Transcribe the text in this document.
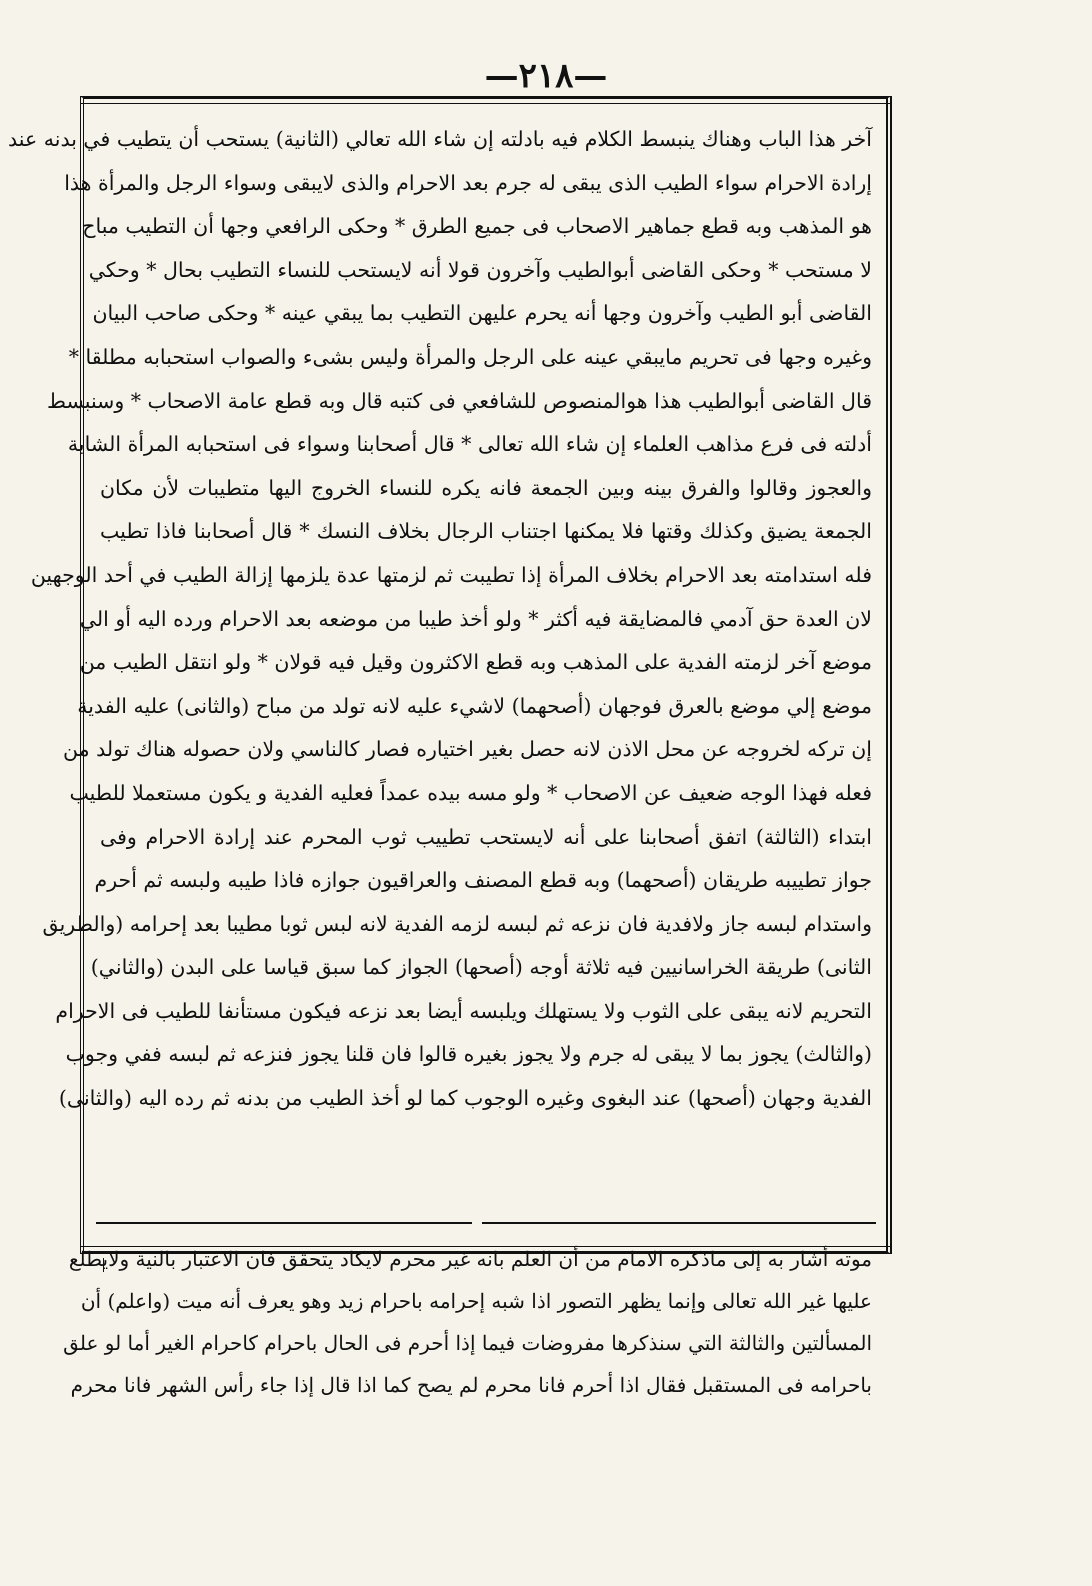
—٢١٨—
آخر هذا الباب وهناك ينبسط الكلام فيه بادلته إن شاء الله تعالي (الثانية) يستحب أن يتطيب في بدنه عند
إرادة الاحرام سواء الطيب الذى يبقى له جرم بعد الاحرام والذى لايبقى وسواء الرجل والمرأة هذا
هو المذهب وبه قطع جماهير الاصحاب فى جميع الطرق * وحكى الرافعي وجها أن التطيب مباح
لا مستحب * وحكى القاضى أبوالطيب وآخرون قولا أنه لايستحب للنساء التطيب بحال * وحكي
القاضى أبو الطيب وآخرون وجها أنه يحرم عليهن التطيب بما يبقي عينه * وحكى صاحب البيان
وغيره وجها فى تحريم مايبقي عينه على الرجل والمرأة وليس بشىء والصواب استحبابه مطلقا *
قال القاضى أبوالطيب هذا هوالمنصوص للشافعي فى كتبه قال وبه قطع عامة الاصحاب * وسنبسط
أدلته فى فرع مذاهب العلماء إن شاء الله تعالى * قال أصحابنا وسواء فى استحبابه المرأة الشابة
والعجوز وقالوا والفرق بينه وبين الجمعة فانه يكره للنساء الخروج اليها متطيبات لأن مكان
الجمعة يضيق وكذلك وقتها فلا يمكنها اجتناب الرجال بخلاف النسك * قال أصحابنا فاذا تطيب
فله استدامته بعد الاحرام بخلاف المرأة إذا تطيبت ثم لزمتها عدة يلزمها إزالة الطيب في أحد الوجهين
لان العدة حق آدمي فالمضايقة فيه أكثر * ولو أخذ طيبا من موضعه بعد الاحرام ورده اليه أو الي
موضع آخر لزمته الفدية على المذهب وبه قطع الاكثرون وقيل فيه قولان * ولو انتقل الطيب من
موضع إلي موضع بالعرق فوجهان (أصحهما) لاشيء عليه لانه تولد من مباح (والثانى) عليه الفدية
إن تركه لخروجه عن محل الاذن لانه حصل بغير اختياره فصار كالناسي ولان حصوله هناك تولد من
فعله فهذا الوجه ضعيف عن الاصحاب * ولو مسه بيده عمداً فعليه الفدية و يكون مستعملا للطيب
ابتداء (الثالثة) اتفق أصحابنا على أنه لايستحب تطييب ثوب المحرم عند إرادة الاحرام وفى
جواز تطييبه طريقان (أصحهما) وبه قطع المصنف والعراقيون جوازه فاذا طيبه ولبسه ثم أحرم
واستدام لبسه جاز ولافدية فان نزعه ثم لبسه لزمه الفدية لانه لبس ثوبا مطيبا بعد إحرامه (والطريق
الثانى) طريقة الخراسانيين فيه ثلاثة أوجه (أصحها) الجواز كما سبق قياسا على البدن (والثاني)
التحريم لانه يبقى على الثوب ولا يستهلك ويلبسه أيضا بعد نزعه فيكون مستأنفا للطيب فى الاحرام
(والثالث) يجوز بما لا يبقى له جرم ولا يجوز بغيره قالوا فان قلنا يجوز فنزعه ثم لبسه ففي وجوب
الفدية وجهان (أصحها) عند البغوى وغيره الوجوب كما لو أخذ الطيب من بدنه ثم رده اليه (والثانى)
موته أشار به إلى ماذكره الامام من أن العلم بانه غير محرم لايكاد يتحقق فان الاعتبار بالنية ولايطلع
عليها غير الله تعالى وإنما يظهر التصور اذا شبه إحرامه باحرام زيد وهو يعرف أنه ميت (واعلم) أن
المسألتين والثالثة التي سنذكرها مفروضات فيما إذا أحرم فى الحال باحرام كاحرام الغير أما لو علق
باحرامه فى المستقبل فقال اذا أحرم فانا محرم لم يصح كما اذا قال إذا جاء رأس الشهر فانا محرم
